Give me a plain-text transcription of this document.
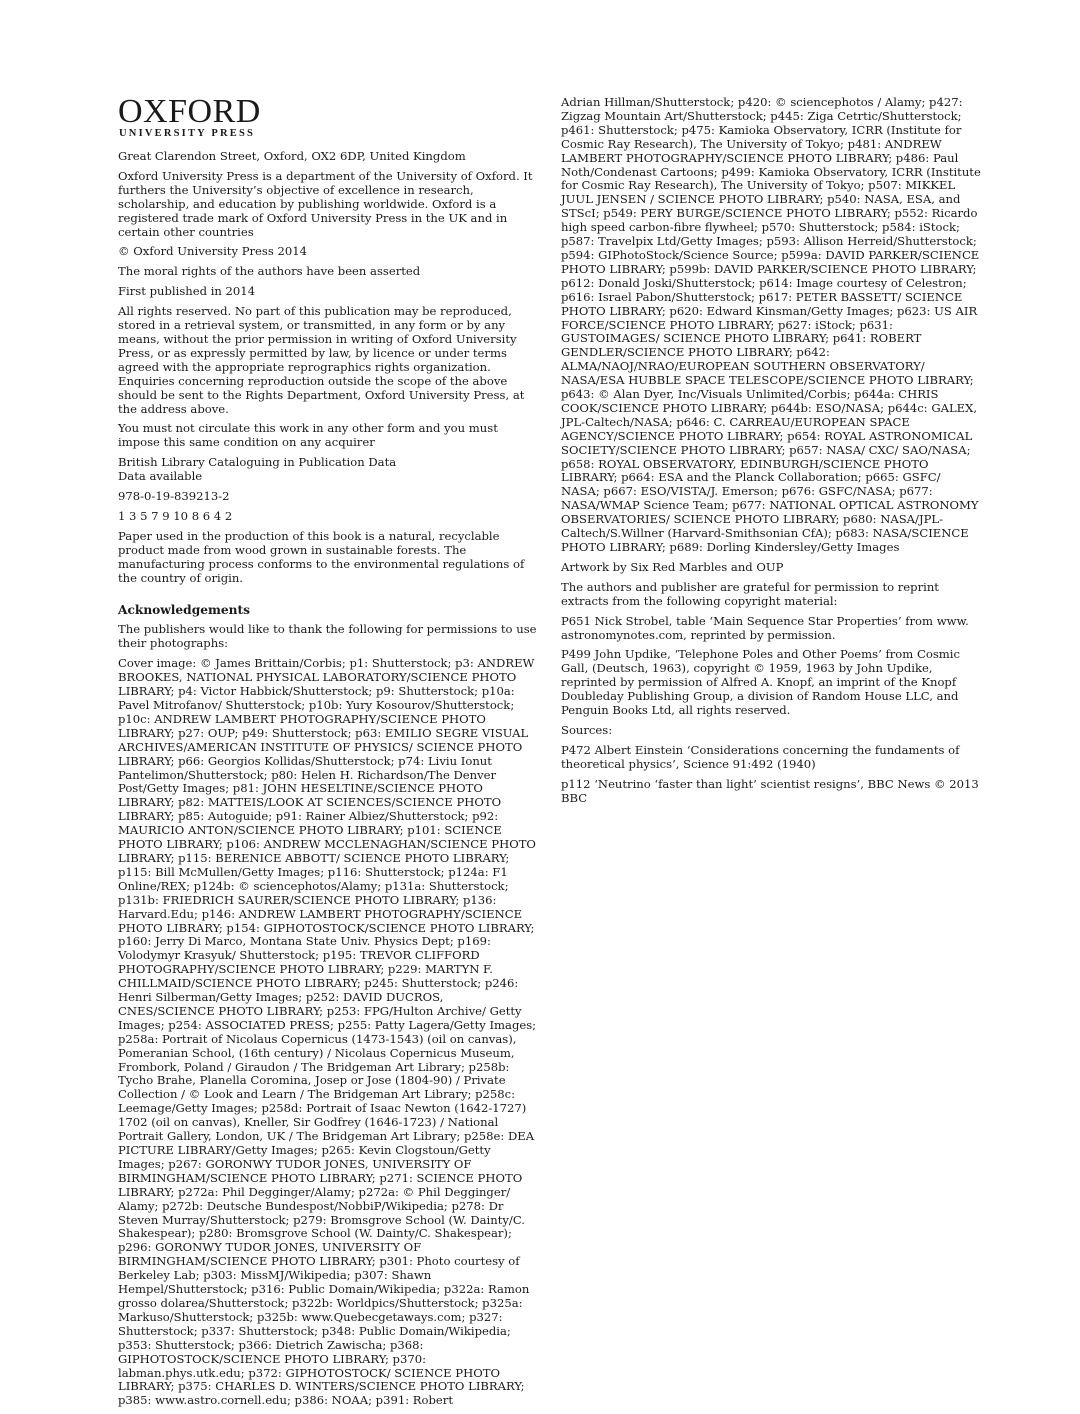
OXFORD
UNIVERSITY PRESS

Great Clarendon Street, Oxford, OX2 6DP, United Kingdom

Oxford University Press is a department of the University of Oxford. It furthers the University’s objective of excellence in research, scholarship, and education by publishing worldwide. Oxford is a registered trade mark of Oxford University Press in the UK and in certain other countries

© Oxford University Press 2014

The moral rights of the authors have been asserted

First published in 2014

All rights reserved. No part of this publication may be reproduced, stored in a retrieval system, or transmitted, in any form or by any means, without the prior permission in writing of Oxford University Press, or as expressly permitted by law, by licence or under terms agreed with the appropriate reprographics rights organization. Enquiries concerning reproduction outside the scope of the above should be sent to the Rights Department, Oxford University Press, at the address above.

You must not circulate this work in any other form and you must impose this same condition on any acquirer

British Library Cataloguing in Publication Data
Data available

978-0-19-839213-2

1 3 5 7 9 10 8 6 4 2

Paper used in the production of this book is a natural, recyclable product made from wood grown in sustainable forests. The manufacturing process conforms to the environmental regulations of the country of origin.

Acknowledgements

The publishers would like to thank the following for permissions to use their photographs:

Cover image: © James Brittain/Corbis; p1: Shutterstock; p3: ANDREW BROOKES, NATIONAL PHYSICAL LABORATORY/SCIENCE PHOTO LIBRARY; p4: Victor Habbick/Shutterstock; p9: Shutterstock; p10a: Pavel Mitrofanov/ Shutterstock; p10b: Yury Kosourov/Shutterstock; p10c: ANDREW LAMBERT PHOTOGRAPHY/SCIENCE PHOTO LIBRARY; p27: OUP; p49: Shutterstock; p63: EMILIO SEGRE VISUAL ARCHIVES/AMERICAN INSTITUTE OF PHYSICS/ SCIENCE PHOTO LIBRARY; p66: Georgios Kollidas/Shutterstock; p74: Liviu Ionut Pantelimon/Shutterstock; p80: Helen H. Richardson/The Denver Post/Getty Images; p81: JOHN HESELTINE/SCIENCE PHOTO LIBRARY; p82: MATTEIS/LOOK AT SCIENCES/SCIENCE PHOTO LIBRARY; p85: Autoguide; p91: Rainer Albiez/Shutterstock; p92: MAURICIO ANTON/SCIENCE PHOTO LIBRARY; p101: SCIENCE PHOTO LIBRARY; p106: ANDREW MCCLENAGHAN/SCIENCE PHOTO LIBRARY; p115: BERENICE ABBOTT/ SCIENCE PHOTO LIBRARY; p115: Bill McMullen/Getty Images; p116: Shutterstock; p124a: F1 Online/REX; p124b: © sciencephotos/Alamy; p131a: Shutterstock; p131b: FRIEDRICH SAURER/SCIENCE PHOTO LIBRARY; p136: Harvard.Edu; p146: ANDREW LAMBERT PHOTOGRAPHY/SCIENCE PHOTO LIBRARY; p154: GIPHOTOSTOCK/SCIENCE PHOTO LIBRARY; p160: Jerry Di Marco, Montana State Univ. Physics Dept; p169: Volodymyr Krasyuk/ Shutterstock; p195: TREVOR CLIFFORD PHOTOGRAPHY/SCIENCE PHOTO LIBRARY; p229: MARTYN F. CHILLMAID/SCIENCE PHOTO LIBRARY; p245: Shutterstock; p246: Henri Silberman/Getty Images; p252: DAVID DUCROS, CNES/SCIENCE PHOTO LIBRARY; p253: FPG/Hulton Archive/ Getty Images; p254: ASSOCIATED PRESS; p255: Patty Lagera/Getty Images; p258a: Portrait of Nicolaus Copernicus (1473-1543) (oil on canvas), Pomeranian School, (16th century) / Nicolaus Copernicus Museum, Frombork, Poland / Giraudon / The Bridgeman Art Library; p258b: Tycho Brahe, Planella Coromina, Josep or Jose (1804-90) / Private Collection / © Look and Learn / The Bridgeman Art Library; p258c: Leemage/Getty Images; p258d: Portrait of Isaac Newton (1642-1727) 1702 (oil on canvas), Kneller, Sir Godfrey (1646-1723) / National Portrait Gallery, London, UK / The Bridgeman Art Library; p258e: DEA PICTURE LIBRARY/Getty Images; p265: Kevin Clogstoun/Getty Images; p267: GORONWY TUDOR JONES, UNIVERSITY OF BIRMINGHAM/SCIENCE PHOTO LIBRARY; p271: SCIENCE PHOTO LIBRARY; p272a: Phil Degginger/Alamy; p272a: © Phil Degginger/ Alamy; p272b: Deutsche Bundespost/NobbiP/Wikipedia; p278: Dr Steven Murray/Shutterstock; p279: Bromsgrove School (W. Dainty/C. Shakespear); p280: Bromsgrove School (W. Dainty/C. Shakespear); p296: GORONWY TUDOR JONES, UNIVERSITY OF BIRMINGHAM/SCIENCE PHOTO LIBRARY; p301: Photo courtesy of Berkeley Lab; p303: MissMJ/Wikipedia; p307: Shawn Hempel/Shutterstock; p316: Public Domain/Wikipedia; p322a: Ramon grosso dolarea/Shutterstock; p322b: Worldpics/Shutterstock; p325a: Markuso/Shutterstock; p325b: www.Quebecgetaways.com; p327: Shutterstock; p337: Shutterstock; p348: Public Domain/Wikipedia; p353: Shutterstock; p366: Dietrich Zawischa; p368: GIPHOTOSTOCK/SCIENCE PHOTO LIBRARY; p370: labman.phys.utk.edu; p372: GIPHOTOSTOCK/ SCIENCE PHOTO LIBRARY; p375: CHARLES D. WINTERS/SCIENCE PHOTO LIBRARY; p385: www.astro.cornell.edu; p386: NOAA; p391: Robert

Adrian Hillman/Shutterstock; p420: © sciencephotos / Alamy; p427: Zigzag Mountain Art/Shutterstock; p445: Ziga Cetrtic/Shutterstock; p461: Shutterstock; p475: Kamioka Observatory, ICRR (Institute for Cosmic Ray Research), The University of Tokyo; p481: ANDREW LAMBERT PHOTOGRAPHY/SCIENCE PHOTO LIBRARY; p486: Paul Noth/Condenast Cartoons; p499: Kamioka Observatory, ICRR (Institute for Cosmic Ray Research), The University of Tokyo; p507: MIKKEL JUUL JENSEN / SCIENCE PHOTO LIBRARY; p540: NASA, ESA, and STScI; p549: PERY BURGE/SCIENCE PHOTO LIBRARY; p552: Ricardo high speed carbon-fibre flywheel; p570: Shutterstock; p584: iStock; p587: Travelpix Ltd/Getty Images; p593: Allison Herreid/Shutterstock; p594: GIPhotoStock/Science Source; p599a: DAVID PARKER/SCIENCE PHOTO LIBRARY; p599b: DAVID PARKER/SCIENCE PHOTO LIBRARY; p612: Donald Joski/Shutterstock; p614: Image courtesy of Celestron; p616: Israel Pabon/Shutterstock; p617: PETER BASSETT/ SCIENCE PHOTO LIBRARY; p620: Edward Kinsman/Getty Images; p623: US AIR FORCE/SCIENCE PHOTO LIBRARY; p627: iStock; p631: GUSTOIMAGES/ SCIENCE PHOTO LIBRARY; p641: ROBERT GENDLER/SCIENCE PHOTO LIBRARY; p642: ALMA/NAOJ/NRAO/EUROPEAN SOUTHERN OBSERVATORY/ NASA/ESA HUBBLE SPACE TELESCOPE/SCIENCE PHOTO LIBRARY; p643: © Alan Dyer, Inc/Visuals Unlimited/Corbis; p644a: CHRIS COOK/SCIENCE PHOTO LIBRARY; p644b: ESO/NASA; p644c: GALEX, JPL-Caltech/NASA; p646: C. CARREAU/EUROPEAN SPACE AGENCY/SCIENCE PHOTO LIBRARY; p654: ROYAL ASTRONOMICAL SOCIETY/SCIENCE PHOTO LIBRARY; p657: NASA/ CXC/ SAO/NASA; p658: ROYAL OBSERVATORY, EDINBURGH/SCIENCE PHOTO LIBRARY; p664: ESA and the Planck Collaboration; p665: GSFC/ NASA; p667: ESO/VISTA/J. Emerson; p676: GSFC/NASA; p677: NASA/WMAP Science Team; p677: NATIONAL OPTICAL ASTRONOMY OBSERVATORIES/ SCIENCE PHOTO LIBRARY; p680: NASA/JPL-Caltech/S.Willner (Harvard-Smithsonian CfA); p683: NASA/SCIENCE PHOTO LIBRARY; p689: Dorling Kindersley/Getty Images

Artwork by Six Red Marbles and OUP

The authors and publisher are grateful for permission to reprint extracts from the following copyright material:

P651 Nick Strobel, table ‘Main Sequence Star Properties’ from www. astronomynotes.com, reprinted by permission.

P499 John Updike, ‘Telephone Poles and Other Poems’ from Cosmic Gall, (Deutsch, 1963), copyright © 1959, 1963 by John Updike, reprinted by permission of Alfred A. Knopf, an imprint of the Knopf Doubleday Publishing Group, a division of Random House LLC, and Penguin Books Ltd, all rights reserved.

Sources:

P472 Albert Einstein ‘Considerations concerning the fundaments of theoretical physics’, Science 91:492 (1940)

p112 ‘Neutrino ‘faster than light’ scientist resigns’, BBC News © 2013 BBC
